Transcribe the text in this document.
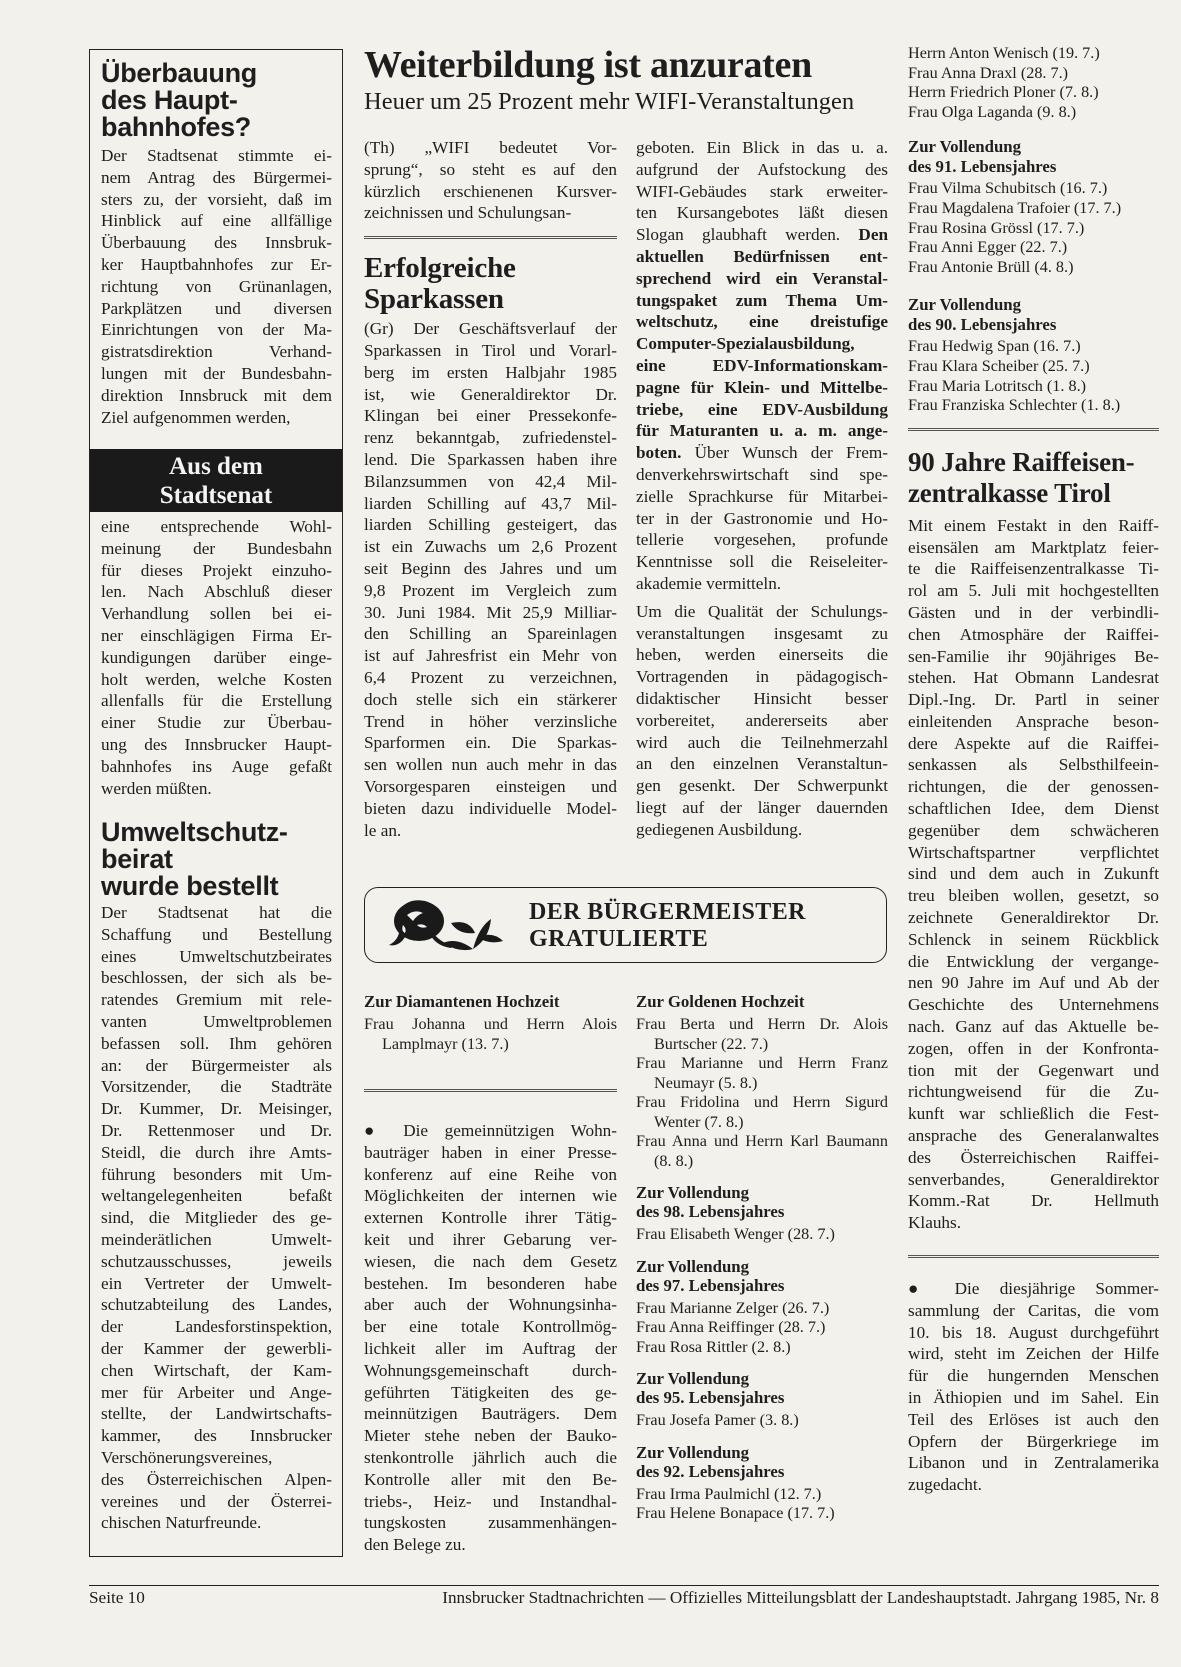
Überbauung
des Haupt-
bahnhofes?
Der Stadtsenat stimmte ei-
nem Antrag des Bürgermei-
sters zu, der vorsieht, daß im
Hinblick auf eine allfällige
Überbauung des Innsbruk-
ker Hauptbahnhofes zur Er-
richtung von Grünanlagen,
Parkplätzen und diversen
Einrichtungen von der Ma-
gistratsdirektion Verhand-
lungen mit der Bundesbahn-
direktion Innsbruck mit dem
Ziel aufgenommen werden,
Aus dem
Stadtsenat
eine entsprechende Wohl-
meinung der Bundesbahn
für dieses Projekt einzuho-
len. Nach Abschluß dieser
Verhandlung sollen bei ei-
ner einschlägigen Firma Er-
kundigungen darüber einge-
holt werden, welche Kosten
allenfalls für die Erstellung
einer Studie zur Überbau-
ung des Innsbrucker Haupt-
bahnhofes ins Auge gefaßt
werden müßten.
Umweltschutz-
beirat
wurde bestellt
Der Stadtsenat hat die
Schaffung und Bestellung
eines Umweltschutzbeirates
beschlossen, der sich als be-
ratendes Gremium mit rele-
vanten Umweltproblemen
befassen soll. Ihm gehören
an: der Bürgermeister als
Vorsitzender, die Stadträte
Dr. Kummer, Dr. Meisinger,
Dr. Rettenmoser und Dr.
Steidl, die durch ihre Amts-
führung besonders mit Um-
weltangelegenheiten befaßt
sind, die Mitglieder des ge-
meinderätlichen Umwelt-
schutzausschusses, jeweils
ein Vertreter der Umwelt-
schutzabteilung des Landes,
der Landesforstinspektion,
der Kammer der gewerbli-
chen Wirtschaft, der Kam-
mer für Arbeiter und Ange-
stellte, der Landwirtschafts-
kammer, des Innsbrucker
Verschönerungsvereines,
des Österreichischen Alpen-
vereines und der Österrei-
chischen Naturfreunde.
Weiterbildung ist anzuraten
Heuer um 25 Prozent mehr WIFI-Veranstaltungen
(Th) „WIFI bedeutet Vor-
sprung“, so steht es auf den
kürzlich erschienenen Kursver-
zeichnissen und Schulungsan-
Erfolgreiche
Sparkassen
(Gr) Der Geschäftsverlauf der
Sparkassen in Tirol und Vorarl-
berg im ersten Halbjahr 1985
ist, wie Generaldirektor Dr.
Klingan bei einer Pressekonfe-
renz bekanntgab, zufriedenstel-
lend. Die Sparkassen haben ihre
Bilanzsummen von 42,4 Mil-
liarden Schilling auf 43,7 Mil-
liarden Schilling gesteigert, das
ist ein Zuwachs um 2,6 Prozent
seit Beginn des Jahres und um
9,8 Prozent im Vergleich zum
30. Juni 1984. Mit 25,9 Milliar-
den Schilling an Spareinlagen
ist auf Jahresfrist ein Mehr von
6,4 Prozent zu verzeichnen,
doch stelle sich ein stärkerer
Trend in höher verzinsliche
Sparformen ein. Die Sparkas-
sen wollen nun auch mehr in das
Vorsorgesparen einsteigen und
bieten dazu individuelle Model-
le an.
geboten. Ein Blick in das u. a.
aufgrund der Aufstockung des
WIFI-Gebäudes stark erweiter-
ten Kursangebotes läßt diesen
Slogan glaubhaft werden. Den
aktuellen Bedürfnissen ent-
sprechend wird ein Veranstal-
tungspaket zum Thema Um-
weltschutz, eine dreistufige
Computer-Spezialausbildung,
eine EDV-Informationskam-
pagne für Klein- und Mittelbe-
triebe, eine EDV-Ausbildung
für Maturanten u. a. m. ange-
boten. Über Wunsch der Frem-
denverkehrswirtschaft sind spe-
zielle Sprachkurse für Mitarbei-
ter in der Gastronomie und Ho-
tellerie vorgesehen, profunde
Kenntnisse soll die Reiseleiter-
akademie vermitteln.
Um die Qualität der Schulungs-
veranstaltungen insgesamt zu
heben, werden einerseits die
Vortragenden in pädagogisch-
didaktischer Hinsicht besser
vorbereitet, andererseits aber
wird auch die Teilnehmerzahl
an den einzelnen Veranstaltun-
gen gesenkt. Der Schwerpunkt
liegt auf der länger dauernden
gediegenen Ausbildung.
DER BÜRGERMEISTER
GRATULIERTE
Zur Diamantenen Hochzeit
Frau Johanna und Herrn Alois Lamplmayr (13. 7.)
● Die gemeinnützigen Wohn-
bauträger haben in einer Presse-
konferenz auf eine Reihe von
Möglichkeiten der internen wie
externen Kontrolle ihrer Tätig-
keit und ihrer Gebarung ver-
wiesen, die nach dem Gesetz
bestehen. Im besonderen habe
aber auch der Wohnungsinha-
ber eine totale Kontrollmög-
lichkeit aller im Auftrag der
Wohnungsgemeinschaft durch-
geführten Tätigkeiten des ge-
meinnützigen Bauträgers. Dem
Mieter stehe neben der Bauko-
stenkontrolle jährlich auch die
Kontrolle aller mit den Be-
triebs-, Heiz- und Instandhal-
tungskosten zusammenhängen-
den Belege zu.
Zur Goldenen Hochzeit
Frau Berta und Herrn Dr. Alois Burtscher (22. 7.)
Frau Marianne und Herrn Franz Neumayr (5. 8.)
Frau Fridolina und Herrn Sigurd Wenter (7. 8.)
Frau Anna und Herrn Karl Baumann (8. 8.)
Zur Vollendung
des 98. Lebensjahres
Frau Elisabeth Wenger (28. 7.)
Zur Vollendung
des 97. Lebensjahres
Frau Marianne Zelger (26. 7.)
Frau Anna Reiffinger (28. 7.)
Frau Rosa Rittler (2. 8.)
Zur Vollendung
des 95. Lebensjahres
Frau Josefa Pamer (3. 8.)
Zur Vollendung
des 92. Lebensjahres
Frau Irma Paulmichl (12. 7.)
Frau Helene Bonapace (17. 7.)
Herrn Anton Wenisch (19. 7.)
Frau Anna Draxl (28. 7.)
Herrn Friedrich Ploner (7. 8.)
Frau Olga Laganda (9. 8.)
Zur Vollendung
des 91. Lebensjahres
Frau Vilma Schubitsch (16. 7.)
Frau Magdalena Trafoier (17. 7.)
Frau Rosina Grössl (17. 7.)
Frau Anni Egger (22. 7.)
Frau Antonie Brüll (4. 8.)
Zur Vollendung
des 90. Lebensjahres
Frau Hedwig Span (16. 7.)
Frau Klara Scheiber (25. 7.)
Frau Maria Lotritsch (1. 8.)
Frau Franziska Schlechter (1. 8.)
90 Jahre Raiffeisen-
zentralkasse Tirol
Mit einem Festakt in den Raiff-
eisensälen am Marktplatz feier-
te die Raiffeisenzentralkasse Ti-
rol am 5. Juli mit hochgestellten
Gästen und in der verbindli-
chen Atmosphäre der Raiffei-
sen-Familie ihr 90jähriges Be-
stehen. Hat Obmann Landesrat
Dipl.-Ing. Dr. Partl in seiner
einleitenden Ansprache beson-
dere Aspekte auf die Raiffei-
senkassen als Selbsthilfeein-
richtungen, die der genossen-
schaftlichen Idee, dem Dienst
gegenüber dem schwächeren
Wirtschaftspartner verpflichtet
sind und dem auch in Zukunft
treu bleiben wollen, gesetzt, so
zeichnete Generaldirektor Dr.
Schlenck in seinem Rückblick
die Entwicklung der vergange-
nen 90 Jahre im Auf und Ab der
Geschichte des Unternehmens
nach. Ganz auf das Aktuelle be-
zogen, offen in der Konfronta-
tion mit der Gegenwart und
richtungweisend für die Zu-
kunft war schließlich die Fest-
ansprache des Generalanwaltes
des Österreichischen Raiffei-
senverbandes, Generaldirektor
Komm.-Rat Dr. Hellmuth
Klauhs.
● Die diesjährige Sommer-
sammlung der Caritas, die vom
10. bis 18. August durchgeführt
wird, steht im Zeichen der Hilfe
für die hungernden Menschen
in Äthiopien und im Sahel. Ein
Teil des Erlöses ist auch den
Opfern der Bürgerkriege im
Libanon und in Zentralamerika
zugedacht.
Seite 10	Innsbrucker Stadtnachrichten — Offizielles Mitteilungsblatt der Landeshauptstadt. Jahrgang 1985, Nr. 8
